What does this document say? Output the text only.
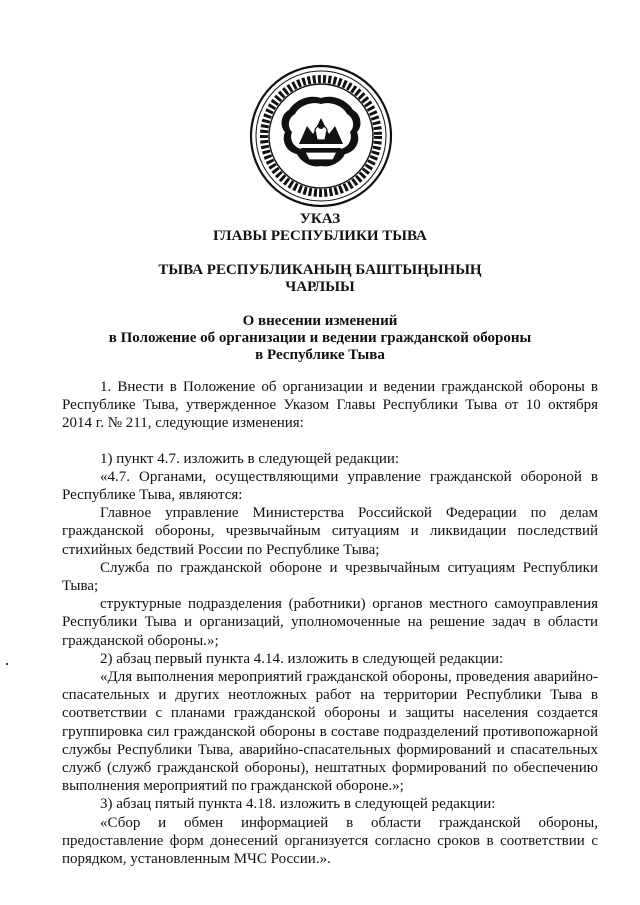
УКАЗ
ГЛАВЫ РЕСПУБЛИКИ ТЫВА
ТЫВА РЕСПУБЛИКАНЫҢ БАШТЫҢЫНЫҢ
ЧАРЛЫЫ
О внесении изменений
в Положение об организации и ведении гражданской обороны
в Республике Тыва

1. Внести в Положение об организации и ведении гражданской обороны в Республике Тыва, утвержденное Указом Главы Республики Тыва от 10 октября 2014 г. № 211, следующие изменения:

1) пункт 4.7. изложить в следующей редакции:

«4.7. Органами, осуществляющими управление гражданской обороной в Республике Тыва, являются:

Главное управление Министерства Российской Федерации по делам гражданской обороны, чрезвычайным ситуациям и ликвидации последствий стихийных бедствий России по Республике Тыва;

Служба по гражданской обороне и чрезвычайным ситуациям Республики Тыва;

структурные подразделения (работники) органов местного самоуправления Республики Тыва и организаций, уполномоченные на решение задач в области гражданской обороны.»;

2) абзац первый пункта 4.14. изложить в следующей редакции:

«Для выполнения мероприятий гражданской обороны, проведения аварийно-спасательных и других неотложных работ на территории Республики Тыва в соответствии с планами гражданской обороны и защиты населения создается группировка сил гражданской обороны в составе подразделений противопожарной службы Республики Тыва, аварийно-спасательных формирований и спасательных служб (служб гражданской обороны), нештатных формирований по обеспечению выполнения мероприятий по гражданской обороне.»;

3) абзац пятый пункта 4.18. изложить в следующей редакции:

«Сбор и обмен информацией в области гражданской обороны, предоставление форм донесений организуется согласно сроков в соответствии с порядком, установленным МЧС России.».
